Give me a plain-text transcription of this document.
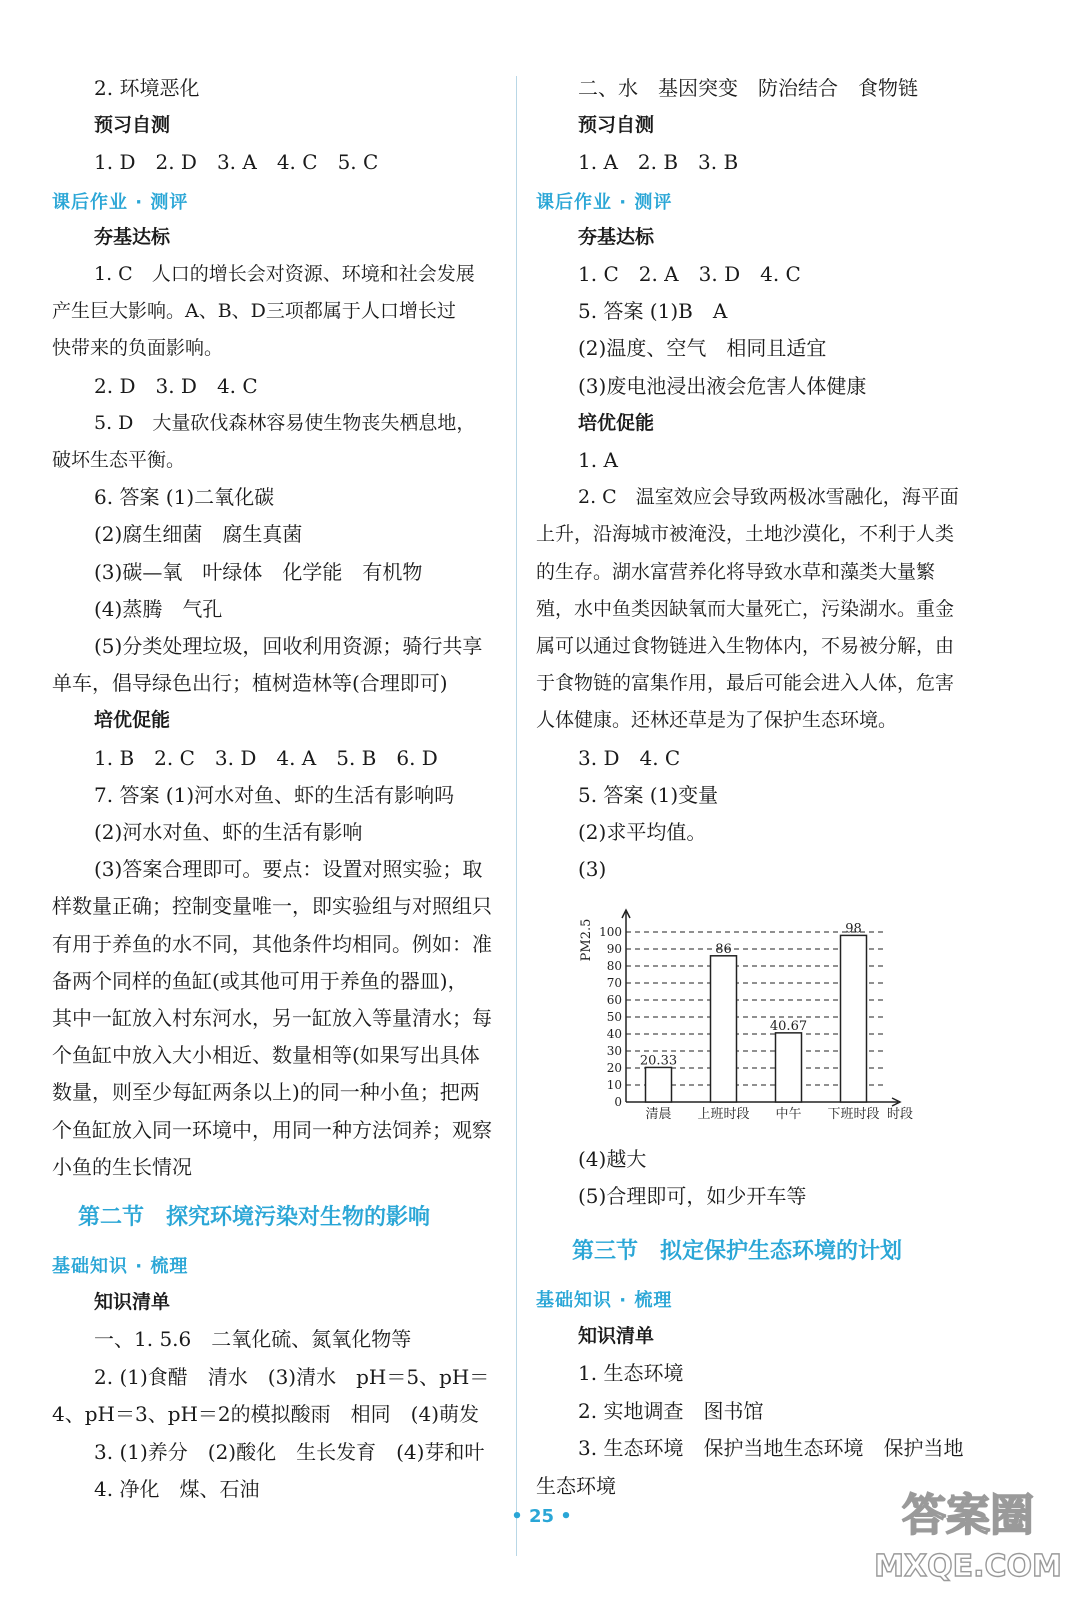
2. 环境恶化
预习自测
1. D　2. D　3. A　4. C　5. C
课后作业 · 测评
夯基达标
1. C　人口的增长会对资源、环境和社会发展
产生巨大影响。A、B、D三项都属于人口增长过
快带来的负面影响。
2. D　3. D　4. C
5. D　大量砍伐森林容易使生物丧失栖息地，
破坏生态平衡。
6. 答案 (1)二氧化碳
(2)腐生细菌　腐生真菌
(3)碳—氧　叶绿体　化学能　有机物
(4)蒸腾　气孔
(5)分类处理垃圾，回收利用资源；骑行共享
单车，倡导绿色出行；植树造林等(合理即可)
培优促能
1. B　2. C　3. D　4. A　5. B　6. D
7. 答案 (1)河水对鱼、虾的生活有影响吗
(2)河水对鱼、虾的生活有影响
(3)答案合理即可。要点：设置对照实验；取
样数量正确；控制变量唯一，即实验组与对照组只
有用于养鱼的水不同，其他条件均相同。例如：准
备两个同样的鱼缸(或其他可用于养鱼的器皿)，
其中一缸放入村东河水，另一缸放入等量清水；每
个鱼缸中放入大小相近、数量相等(如果写出具体
数量，则至少每缸两条以上)的同一种小鱼；把两
个鱼缸放入同一环境中，用同一种方法饲养；观察
小鱼的生长情况
第二节　探究环境污染对生物的影响
基础知识 · 梳理
知识清单
一、1. 5.6　二氧化硫、氮氧化物等
2. (1)食醋　清水　(3)清水　pH＝5、pH＝
4、pH＝3、pH＝2的模拟酸雨　相同　(4)萌发
3. (1)养分　(2)酸化　生长发育　(4)芽和叶
4. 净化　煤、石油
0
10
20
30
40
50
60
70
80
90
100
PM2.5
20.33
清晨
86
上班时段
40.67
中午
98
下班时段 时段
二、水　基因突变　防治结合　食物链
预习自测
1. A　2. B　3. B
课后作业 · 测评
夯基达标
1. C　2. A　3. D　4. C
5. 答案 (1)B　A
(2)温度、空气　相同且适宜
(3)废电池浸出液会危害人体健康
培优促能
1. A
2. C　温室效应会导致两极冰雪融化，海平面
上升，沿海城市被淹没，土地沙漠化，不利于人类
的生存。湖水富营养化将导致水草和藻类大量繁
殖，水中鱼类因缺氧而大量死亡，污染湖水。重金
属可以通过食物链进入生物体内，不易被分解，由
于食物链的富集作用，最后可能会进入人体，危害
人体健康。还林还草是为了保护生态环境。
3. D　4. C
5. 答案 (1)变量
(2)求平均值。
(3)
(4)越大
(5)合理即可，如少开车等
第三节　拟定保护生态环境的计划
基础知识 · 梳理
知识清单
1. 生态环境
2. 实地调查　图书馆
3. 生态环境　保护当地生态环境　保护当地
生态环境
• 25 •	答案圈
MXQE.COM
